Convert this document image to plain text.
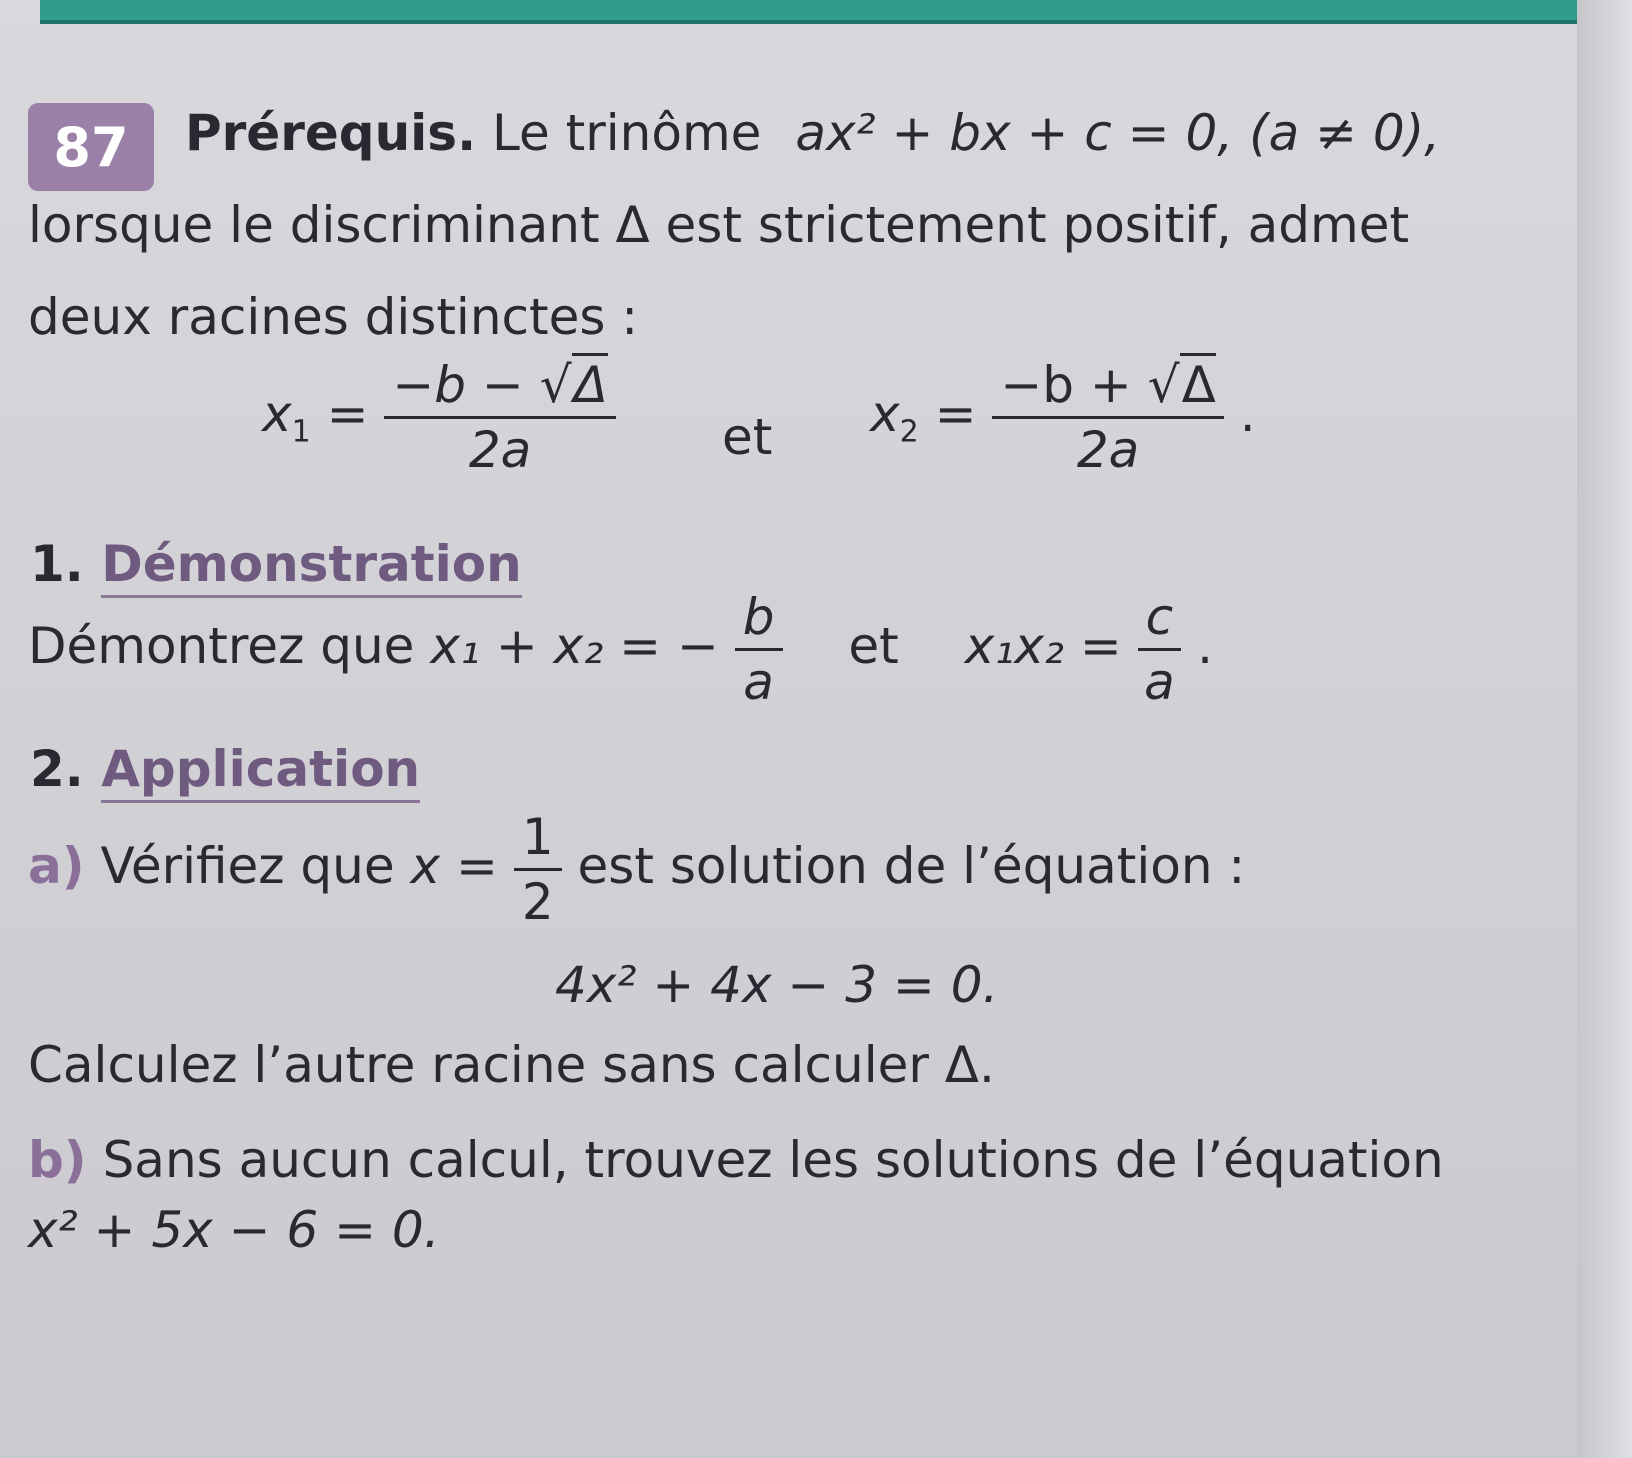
87 Prérequis. Le trinôme ax² + bx + c = 0, (a ≠ 0),
lorsque le discriminant Δ est strictement positif, admet
deux racines distinctes :
$x_1 = \frac{-b - √\Delta}{2a}$ et $x_2 = \frac{-b + √\Delta}{2a}$ .
1. Démonstration
Démontrez que x₁ + x₂ = − $\frac{b}{a}$ et $x_1x_2 = \frac{c}{a}$ .
2. Application
a) Vérifiez que $x = \frac{1}{2}$ est solution de l’équation :
4x² + 4x − 3 = 0.
Calculez l’autre racine sans calculer Δ.
b) Sans aucun calcul, trouvez les solutions de l’équation
x² + 5x − 6 = 0.
